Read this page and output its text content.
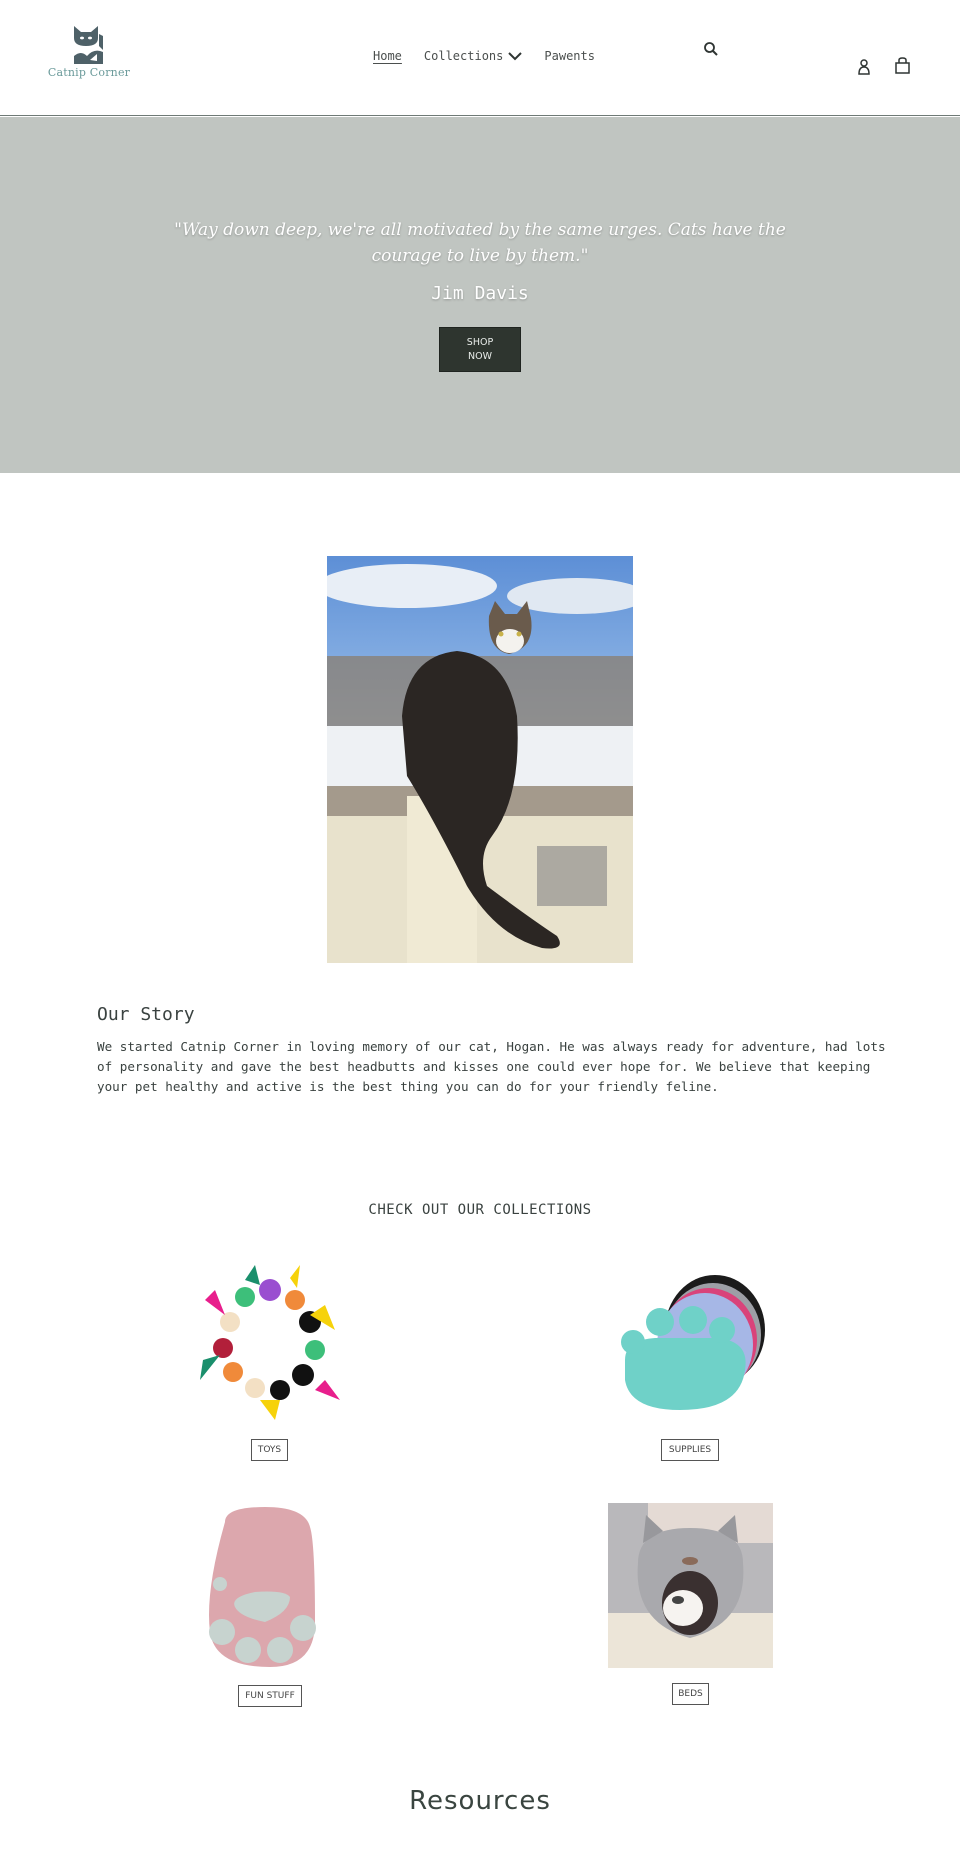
Catnip Corner
Home Collections	Pawents
"Way down deep, we're all motivated by the same urges. Cats have the courage to live by them."
Jim Davis
SHOP
NOW
Our Story
We started Catnip Corner in loving memory of our cat, Hogan. He was always ready for adventure, had lots of personality and gave the best headbutts and kisses one could ever hope for. We believe that keeping your pet healthy and active is the best thing you can do for your friendly feline.
CHECK OUT OUR COLLECTIONS
TOYS	SUPPLIES
FUN STUFF	BEDS
Resources
